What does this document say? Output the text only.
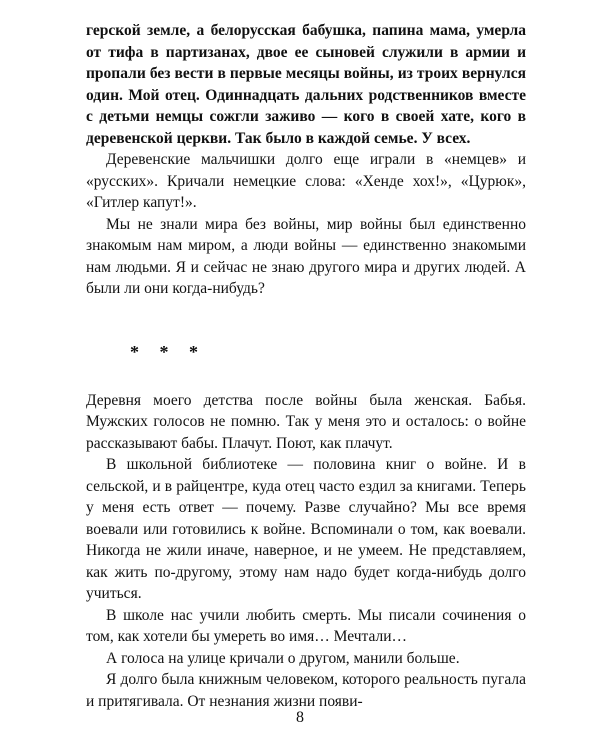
герской земле, а белорусская бабушка, папина мама, умерла от тифа в партизанах, двое ее сыновей служили в армии и пропали без вести в первые месяцы войны, из троих вернулся один. Мой отец. Одиннадцать дальних родственников вместе с детьми немцы сожгли заживо — кого в своей хате, кого в деревенской церкви. Так было в каждой семье. У всех.

Деревенские мальчишки долго еще играли в «немцев» и «русских». Кричали немецкие слова: «Хенде хох!», «Цурюк», «Гитлер капут!».

Мы не знали мира без войны, мир войны был единственно знакомым нам миром, а люди войны — единственно знакомыми нам людьми. Я и сейчас не знаю другого мира и других людей. А были ли они когда-нибудь?

* * *

Деревня моего детства после войны была женская. Бабья. Мужских голосов не помню. Так у меня это и осталось: о войне рассказывают бабы. Плачут. Поют, как плачут.

В школьной библиотеке — половина книг о войне. И в сельской, и в райцентре, куда отец часто ездил за книгами. Теперь у меня есть ответ — почему. Разве случайно? Мы все время воевали или готовились к войне. Вспоминали о том, как воевали. Никогда не жили иначе, наверное, и не умеем. Не представляем, как жить по-другому, этому нам надо будет когда-нибудь долго учиться.

В школе нас учили любить смерть. Мы писали сочинения о том, как хотели бы умереть во имя… Мечтали…

А голоса на улице кричали о другом, манили больше.

Я долго была книжным человеком, которого реальность пугала и притягивала. От незнания жизни появи-

8
